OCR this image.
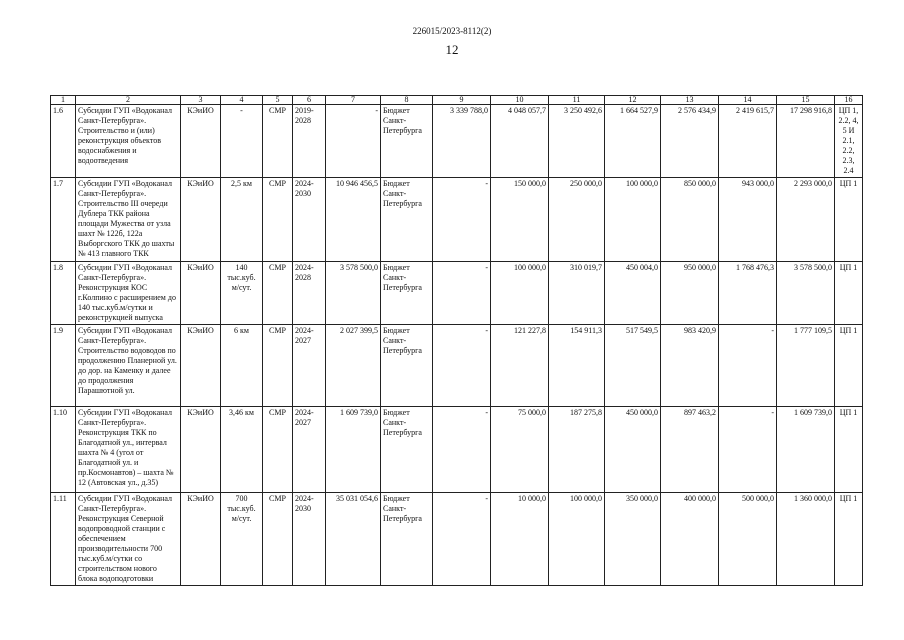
226015/2023-8112(2)
12
1	2	3	4	5	6	7	8	9	10	11	12	13	14	15	16
1.6	Субсидии ГУП «Водоканал Санкт-Петербурга». Строительство и (или) реконструкция объектов водоснабжения и водоотведения	КЭиИО	-	СМР	2019-2028	-	Бюджет Санкт-Петербурга	3 339 788,0	4 048 057,7	3 250 492,6	1 664 527,9	2 576 434,9	2 419 615,7	17 298 916,8	ЦП 1, 2.2, 4, 5 И 2.1, 2.2, 2.3, 2.4
1.7	Субсидии ГУП «Водоканал Санкт-Петербурга». Строительство III очереди Дублера ТКК района площади Мужества от узла шахт № 122б, 122а Выборгского ТКК до шахты № 413 главного ТКК	КЭиИО	2,5 км	СМР	2024-2030	10 946 456,5	Бюджет Санкт-Петербурга	-	150 000,0	250 000,0	100 000,0	850 000,0	943 000,0	2 293 000,0	ЦП 1
1.8	Субсидии ГУП «Водоканал Санкт-Петербурга». Реконструкция КОС г.Колпино с расширением до 140 тыс.куб.м/сутки и реконструкцией выпуска	КЭиИО	140 тыс.куб. м/сут.	СМР	2024-2028	3 578 500,0	Бюджет Санкт-Петербурга	-	100 000,0	310 019,7	450 004,0	950 000,0	1 768 476,3	3 578 500,0	ЦП 1
1.9	Субсидии ГУП «Водоканал Санкт-Петербурга». Строительство водоводов по продолжению Планерной ул. до дор. на Каменку и далее до продолжения Парашютной ул.	КЭиИО	6 км	СМР	2024-2027	2 027 399,5	Бюджет Санкт-Петербурга	-	121 227,8	154 911,3	517 549,5	983 420,9	-	1 777 109,5	ЦП 1
1.10	Субсидии ГУП «Водоканал Санкт-Петербурга». Реконструкция ТКК по Благодатной ул., интервал шахта № 4 (угол от Благодатной ул. и пр.Космонавтов) – шахта № 12 (Автовская ул., д.35)	КЭиИО	3,46 км	СМР	2024-2027	1 609 739,0	Бюджет Санкт-Петербурга	-	75 000,0	187 275,8	450 000,0	897 463,2	-	1 609 739,0	ЦП 1
1.11	Субсидии ГУП «Водоканал Санкт-Петербурга». Реконструкция Северной водопроводной станции с обеспечением производительности 700 тыс.куб.м/сутки со строительством нового блока водоподготовки	КЭиИО	700 тыс.куб. м/сут.	СМР	2024-2030	35 031 054,6	Бюджет Санкт-Петербурга	-	10 000,0	100 000,0	350 000,0	400 000,0	500 000,0	1 360 000,0	ЦП 1
